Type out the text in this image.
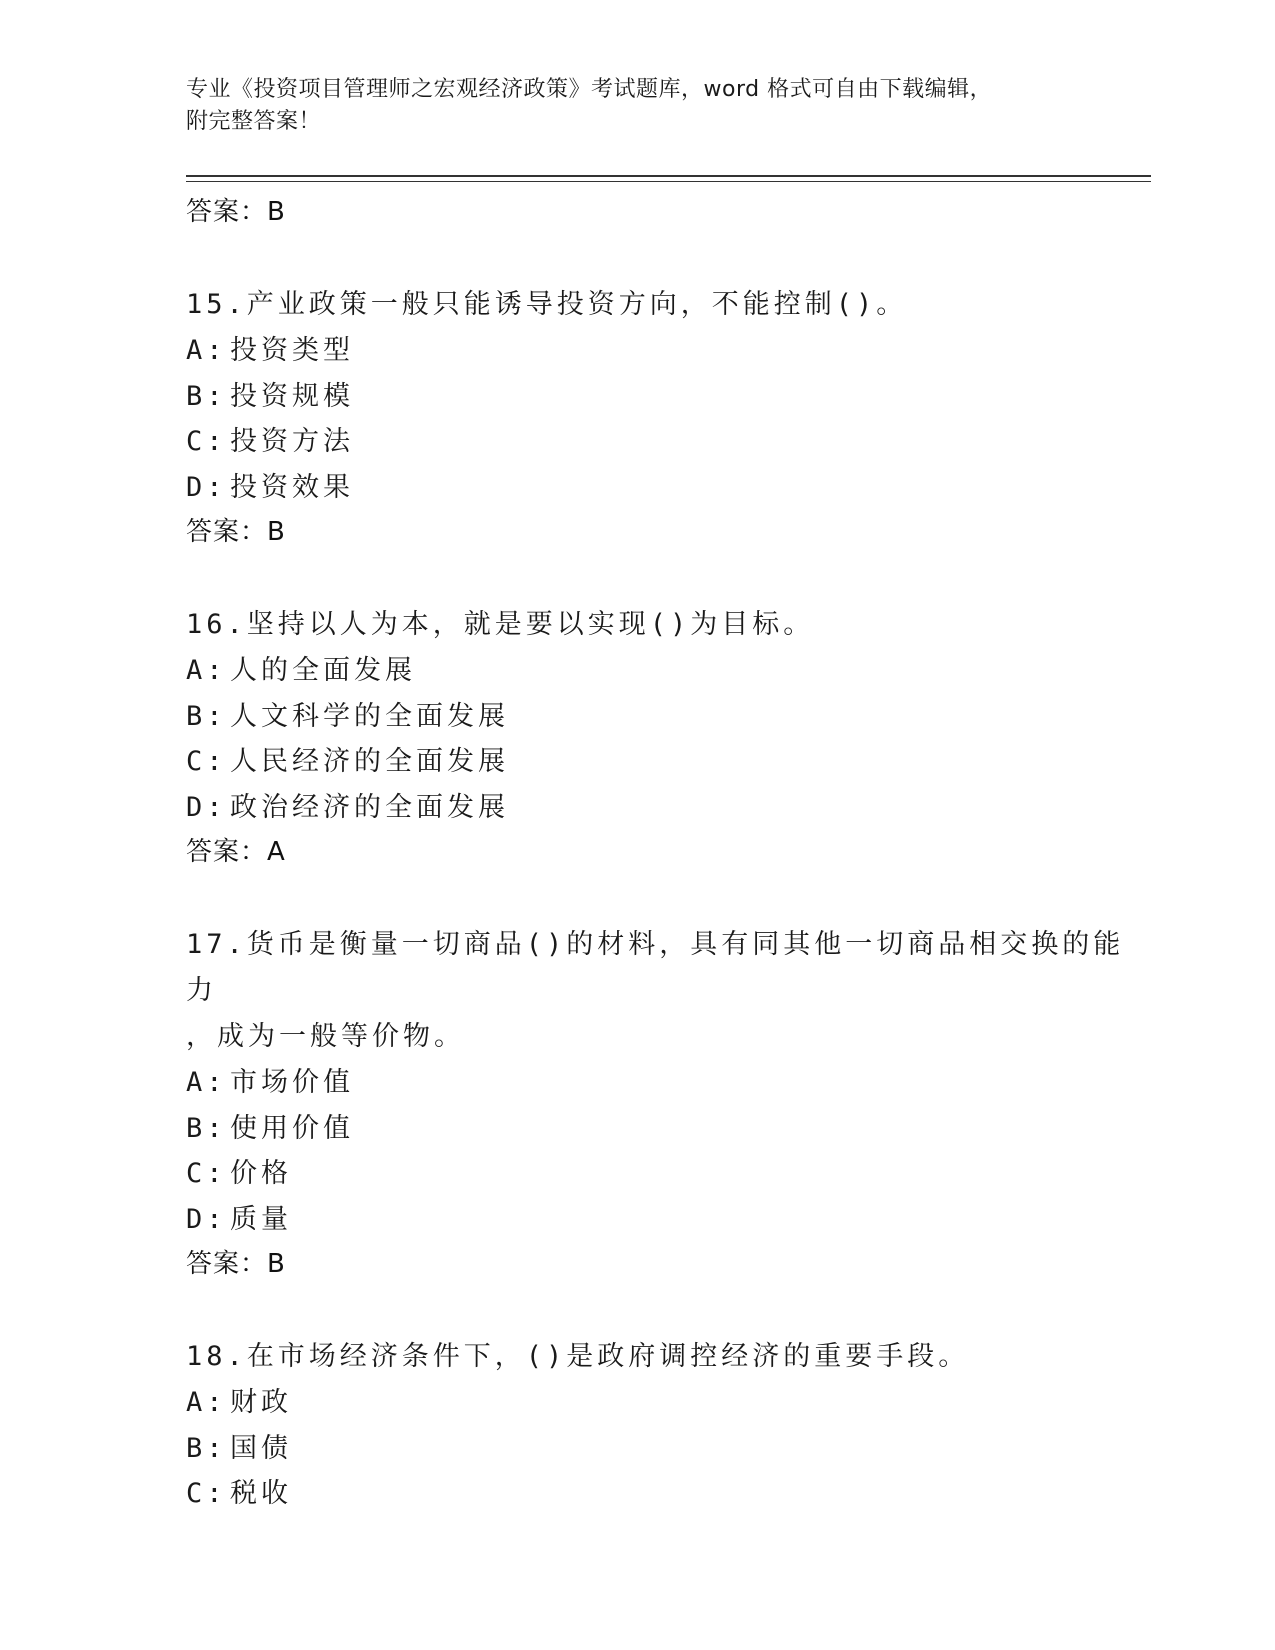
专业《投资项目管理师之宏观经济政策》考试题库，word 格式可自由下载编辑，
附完整答案！
答案：B
15.产业政策一般只能诱导投资方向，不能控制()。
A: 投资类型
B: 投资规模
C: 投资方法
D: 投资效果
答案：B
16.坚持以人为本，就是要以实现()为目标。
A: 人的全面发展
B: 人文科学的全面发展
C: 人民经济的全面发展
D: 政治经济的全面发展
答案：A
17.货币是衡量一切商品()的材料，具有同其他一切商品相交换的能力
，成为一般等价物。
A: 市场价值
B: 使用价值
C: 价格
D: 质量
答案：B
18.在市场经济条件下，()是政府调控经济的重要手段。
A: 财政
B: 国债
C: 税收
